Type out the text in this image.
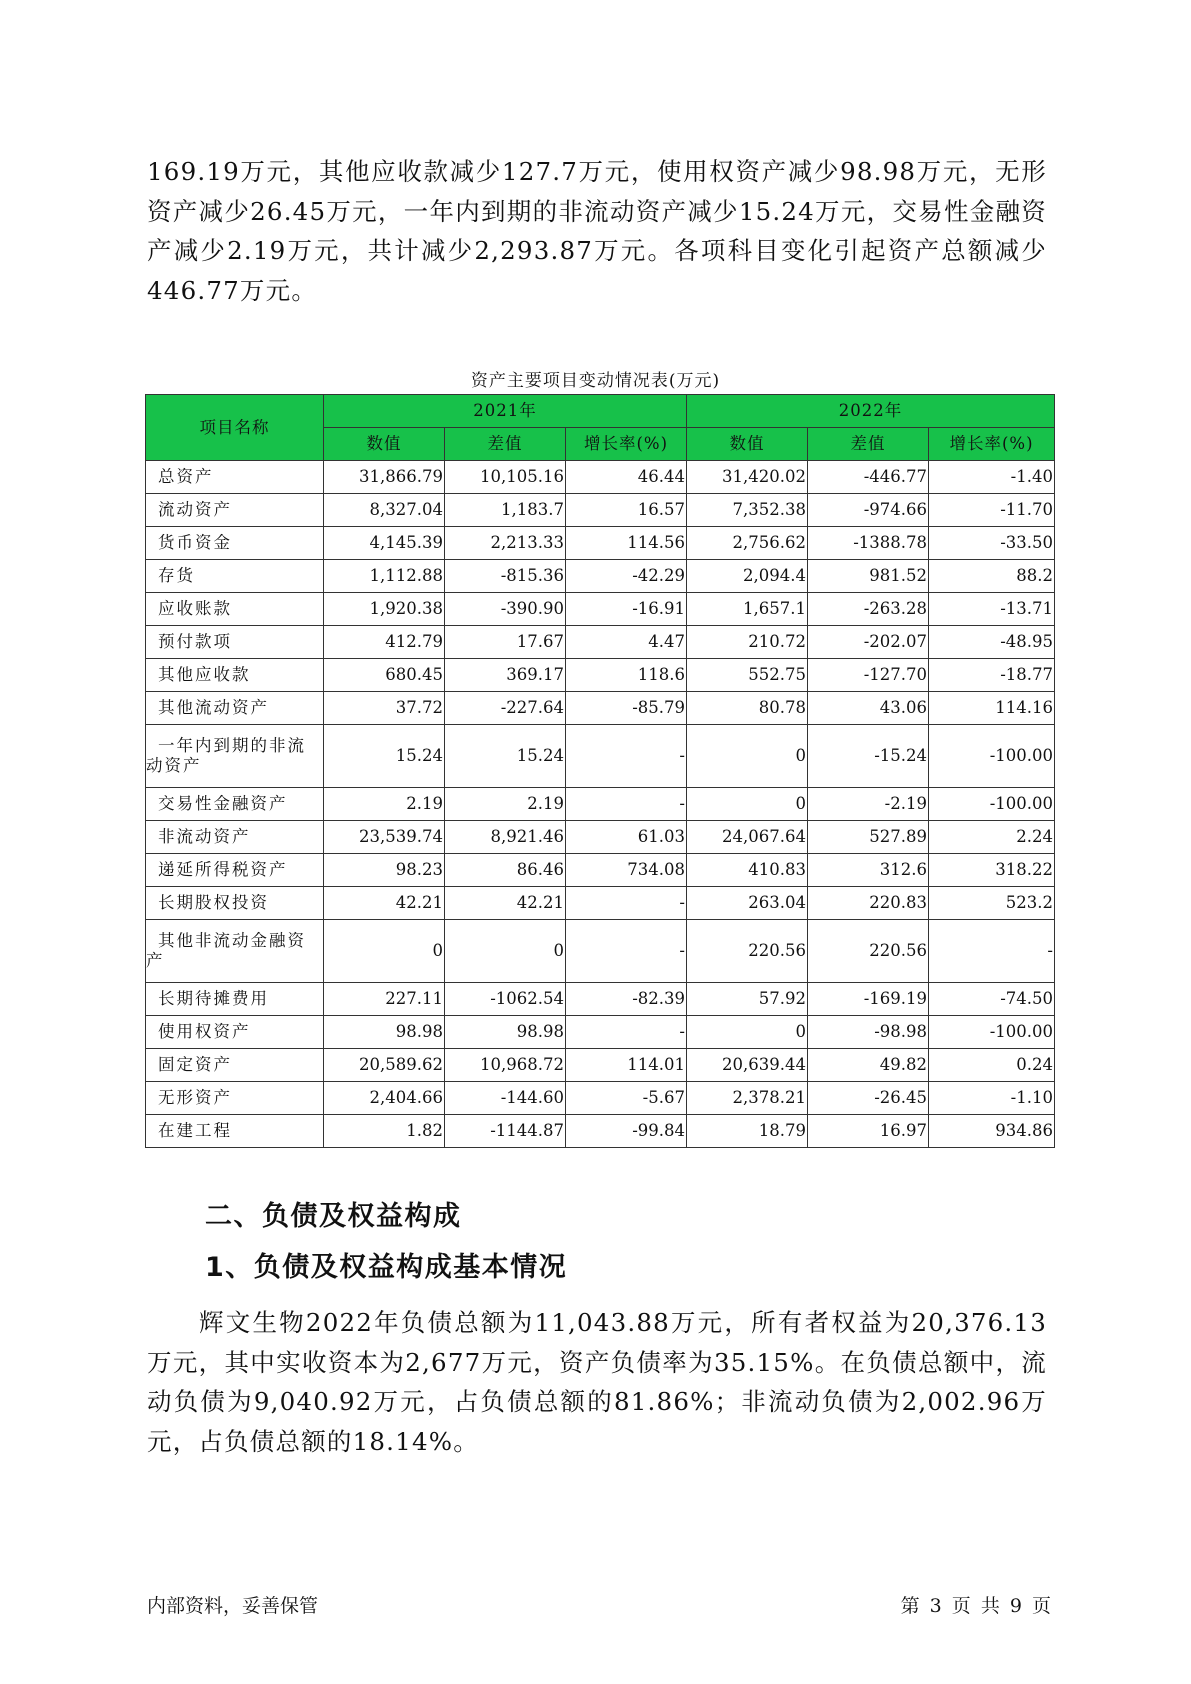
169.19万元，其他应收款减少127.7万元，使用权资产减少98.98万元，无形资产减少26.45万元，一年内到期的非流动资产减少15.24万元，交易性金融资产减少2.19万元，共计减少2,293.87万元。各项科目变化引起资产总额减少446.77万元。

资产主要项目变动情况表(万元)
项目名称	2021年			2022年		
	数值	差值	增长率(%)	数值	差值	增长率(%)
总资产	31,866.79	10,105.16	46.44	31,420.02	-446.77	-1.40
流动资产	8,327.04	1,183.7	16.57	7,352.38	-974.66	-11.70
货币资金	4,145.39	2,213.33	114.56	2,756.62	-1388.78	-33.50
存货	1,112.88	-815.36	-42.29	2,094.4	981.52	88.2
应收账款	1,920.38	-390.90	-16.91	1,657.1	-263.28	-13.71
预付款项	412.79	17.67	4.47	210.72	-202.07	-48.95
其他应收款	680.45	369.17	118.6	552.75	-127.70	-18.77
其他流动资产	37.72	-227.64	-85.79	80.78	43.06	114.16
一年内到期的非流动资产	15.24	15.24	-	0	-15.24	-100.00
交易性金融资产	2.19	2.19	-	0	-2.19	-100.00
非流动资产	23,539.74	8,921.46	61.03	24,067.64	527.89	2.24
递延所得税资产	98.23	86.46	734.08	410.83	312.6	318.22
长期股权投资	42.21	42.21	-	263.04	220.83	523.2
其他非流动金融资产	0	0	-	220.56	220.56	-
长期待摊费用	227.11	-1062.54	-82.39	57.92	-169.19	-74.50
使用权资产	98.98	98.98	-	0	-98.98	-100.00
固定资产	20,589.62	10,968.72	114.01	20,639.44	49.82	0.24
无形资产	2,404.66	-144.60	-5.67	2,378.21	-26.45	-1.10
在建工程	1.82	-1144.87	-99.84	18.79	16.97	934.86
二、负债及权益构成
1、负债及权益构成基本情况

辉文生物2022年负债总额为11,043.88万元，所有者权益为20,376.13万元，其中实收资本为2,677万元，资产负债率为35.15%。在负债总额中，流动负债为9,040.92万元，占负债总额的81.86%；非流动负债为2,002.96万元，占负债总额的18.14%。

内部资料，妥善保管	第 3 页 共 9 页
